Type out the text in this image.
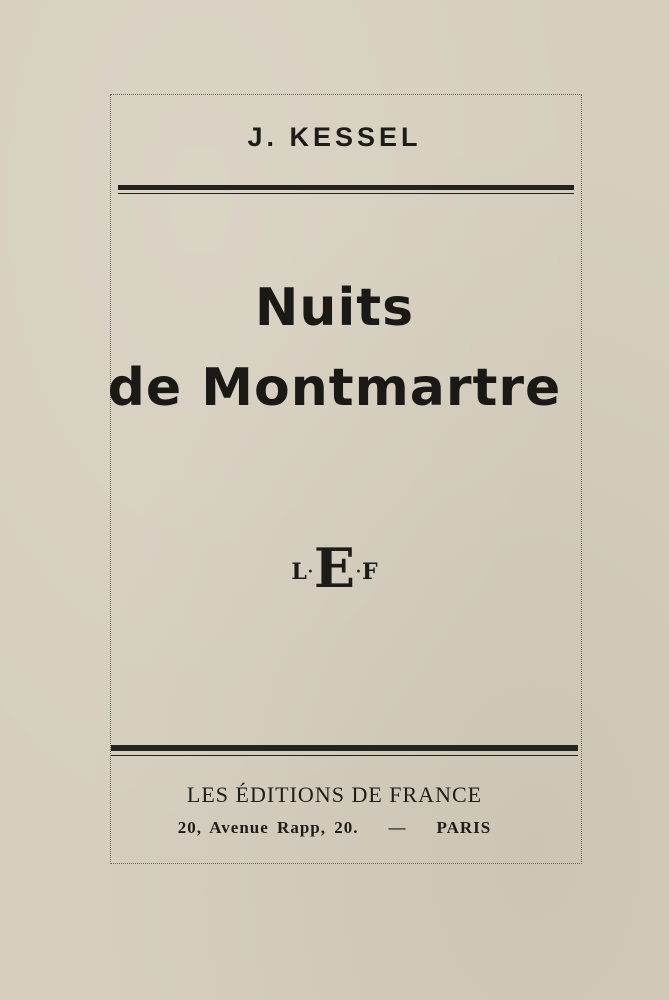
J. KESSEL
Nuits
de Montmartre
L·E·F
LES ÉDITIONS DE FRANCE
20, Avenue Rapp, 20. — PARIS
